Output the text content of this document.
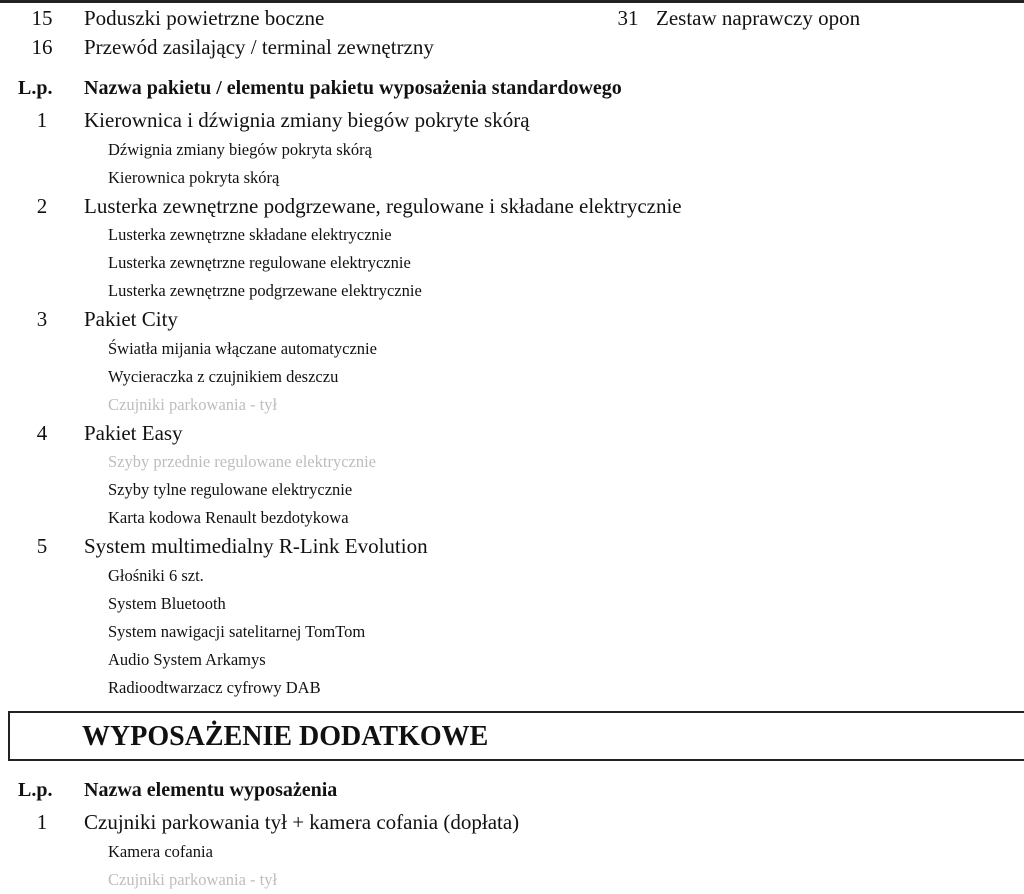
15	Poduszki powietrzne boczne	31 Zestaw naprawczy opon
16	Przewód zasilający / terminal zewnętrzny
L.p. Nazwa pakietu / elementu pakietu wyposażenia standardowego
1	Kierownica i dźwignia zmiany biegów pokryte skórą
Dźwignia zmiany biegów pokryta skórą
Kierownica pokryta skórą
2	Lusterka zewnętrzne podgrzewane, regulowane i składane elektrycznie
Lusterka zewnętrzne składane elektrycznie
Lusterka zewnętrzne regulowane elektrycznie
Lusterka zewnętrzne podgrzewane elektrycznie
3	Pakiet City
Światła mijania włączane automatycznie
Wycieraczka z czujnikiem deszczu
Czujniki parkowania - tył
4	Pakiet Easy
Szyby przednie regulowane elektrycznie
Szyby tylne regulowane elektrycznie
Karta kodowa Renault bezdotykowa
5	System multimedialny R-Link Evolution
Głośniki 6 szt.
System Bluetooth
System nawigacji satelitarnej TomTom
Audio System Arkamys
Radioodtwarzacz cyfrowy DAB
L.p. Nazwa elementu wyposażenia
1	Czujniki parkowania tył + kamera cofania (dopłata)
Kamera cofania
Czujniki parkowania - tył
WYPOSAŻENIE DODATKOWE
